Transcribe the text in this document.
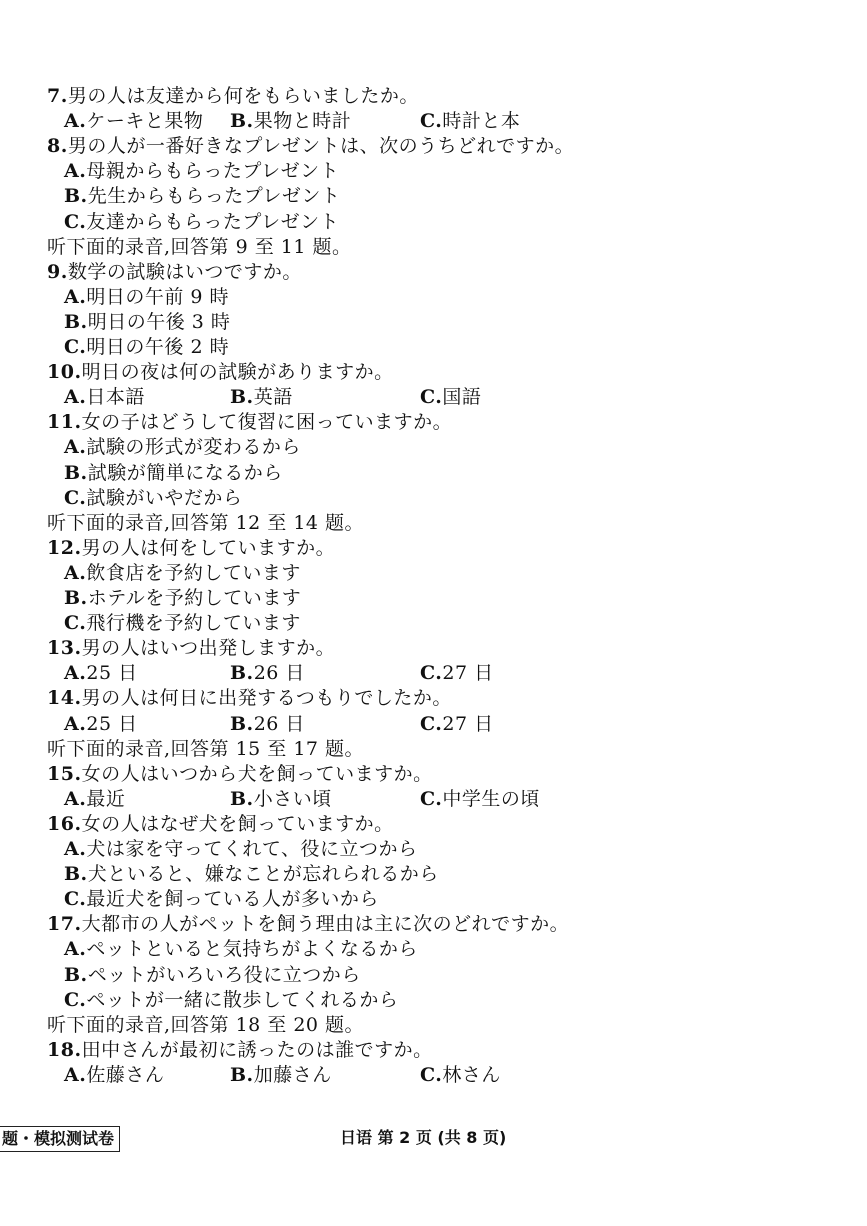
7.男の人は友達から何をもらいましたか。
A.ケーキと果物 B.果物と時計	C.時計と本
8.男の人が一番好きなプレゼントは、次のうちどれですか。
A.母親からもらったプレゼント
B.先生からもらったプレゼント
C.友達からもらったプレゼント
听下面的录音,回答第 9 至 11 题。
9.数学の試験はいつですか。
A.明日の午前 9 時
B.明日の午後 3 時
C.明日の午後 2 時
10.明日の夜は何の試験がありますか。
A.日本語	B.英語	C.国語
11.女の子はどうして復習に困っていますか。
A.試験の形式が変わるから
B.試験が簡単になるから
C.試験がいやだから
听下面的录音,回答第 12 至 14 题。
12.男の人は何をしていますか。
A.飲食店を予約しています
B.ホテルを予約しています
C.飛行機を予約しています
13.男の人はいつ出発しますか。
A.25 日	B.26 日	C.27 日
14.男の人は何日に出発するつもりでしたか。
A.25 日	B.26 日	C.27 日
听下面的录音,回答第 15 至 17 题。
15.女の人はいつから犬を飼っていますか。
A.最近	B.小さい頃	C.中学生の頃
16.女の人はなぜ犬を飼っていますか。
A.犬は家を守ってくれて、役に立つから
B.犬といると、嫌なことが忘れられるから
C.最近犬を飼っている人が多いから
17.大都市の人がペットを飼う理由は主に次のどれですか。
A.ペットといると気持ちがよくなるから
B.ペットがいろいろ役に立つから
C.ペットが一緒に散歩してくれるから
听下面的录音,回答第 18 至 20 题。
18.田中さんが最初に誘ったのは誰ですか。
A.佐藤さん	B.加藤さん	C.林さん
题・模拟测试卷	日语 第 2 页 (共 8 页)
